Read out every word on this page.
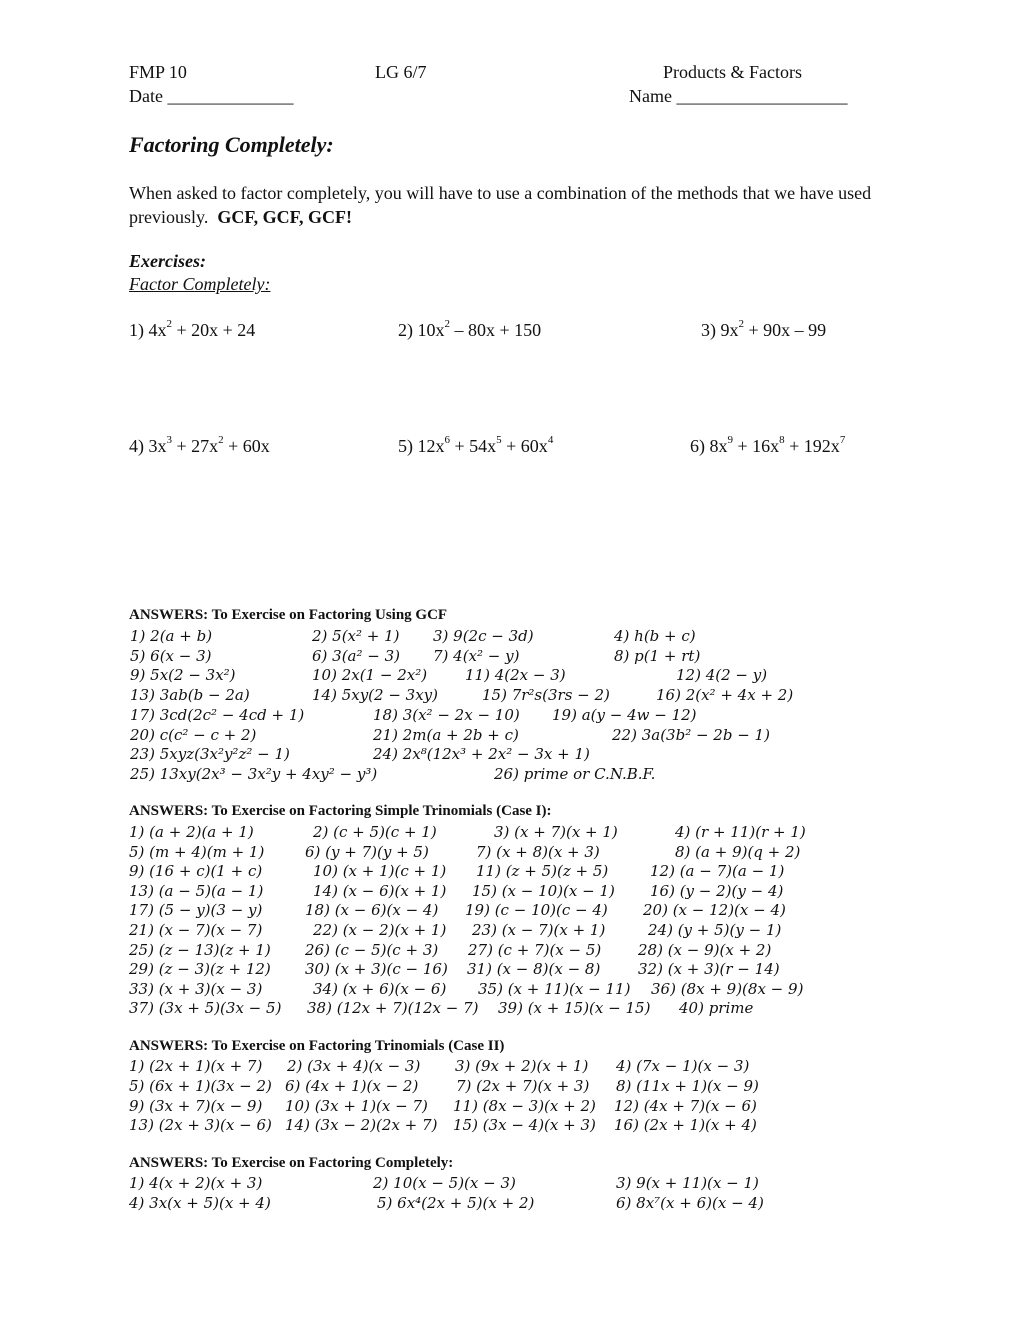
FMP 10	LG 6/7	Products & Factors
Date ______________	Name ___________________
Factoring Completely:
When asked to factor completely, you will have to use a combination of the methods that we have used previously. GCF, GCF, GCF!
Exercises:
Factor Completely:
1) $4x^2 + 20x + 24$	2) $10x^2 - 80x + 150$	3) $9x^2 + 90x - 99$
4) $3x^3 + 27x^2 + 60x$	5) $12x^6 + 54x^5 + 60x^4$	6) $8x^9 + 16x^8 + 192x^7$
ANSWERS: To Exercise on Factoring Using GCF
1) 2(a + b)	2) 5(x² + 1) 3) 9(2c − 3d)	4) h(b + c)
5) 6(x − 3)	6) 3(a² − 3) 7) 4(x² − y)	8) p(1 + rt)
9) 5x(2 − 3x²)	10) 2x(1 − 2x²)	11) 4(2x − 3)	12) 4(2 − y)
13) 3ab(b − 2a)	14) 5xy(2 − 3xy)	15) 7r²s(3rs − 2)	16) 2(x² + 4x + 2)
17) 3cd(2c² − 4cd + 1)	18) 3(x² − 2x − 10) 19) a(y − 4w − 12)
20) c(c² − c + 2)	21) 2m(a + 2b + c)	22) 3a(3b² − 2b − 1)
23) 5xyz(3x²y²z² − 1)	24) 2x⁸(12x³ + 2x² − 3x + 1)
25) 13xy(2x³ − 3x²y + 4xy² − y³)	26) prime or C.N.B.F.
ANSWERS: To Exercise on Factoring Simple Trinomials (Case I):
1) (a + 2)(a + 1)	2) (c + 5)(c + 1)	3) (x + 7)(x + 1)	4) (r + 11)(r + 1)
5) (m + 4)(m + 1)	6) (y + 7)(y + 5)	7) (x + 8)(x + 3)	8) (a + 9)(q + 2)
9) (16 + c)(1 + c)	10) (x + 1)(c + 1) 11) (z + 5)(z + 5)	12) (a − 7)(a − 1)
13) (a − 5)(a − 1)	14) (x − 6)(x + 1) 15) (x − 10)(x − 1) 16) (y − 2)(y − 4)
17) (5 − y)(3 − y)	18) (x − 6)(x − 4) 19) (c − 10)(c − 4) 20) (x − 12)(x − 4)
21) (x − 7)(x − 7)	22) (x − 2)(x + 1) 23) (x − 7)(x + 1)	24) (y + 5)(y − 1)
25) (z − 13)(z + 1) 26) (c − 5)(c + 3) 27) (c + 7)(x − 5) 28) (x − 9)(x + 2)
29) (z − 3)(z + 12) 30) (x + 3)(c − 16) 31) (x − 8)(x − 8)	32) (x + 3)(r − 14)
33) (x + 3)(x − 3)	34) (x + 6)(x − 6) 35) (x + 11)(x − 11) 36) (8x + 9)(8x − 9)
37) (3x + 5)(3x − 5) 38) (12x + 7)(12x − 7) 39) (x + 15)(x − 15) 40) prime
ANSWERS: To Exercise on Factoring Trinomials (Case II)
1) (2x + 1)(x + 7) 2) (3x + 4)(x − 3) 3) (9x + 2)(x + 1) 4) (7x − 1)(x − 3)
5) (6x + 1)(3x − 2) 6) (4x + 1)(x − 2)	7) (2x + 7)(x + 3) 8) (11x + 1)(x − 9)
9) (3x + 7)(x − 9) 10) (3x + 1)(x − 7) 11) (8x − 3)(x + 2) 12) (4x + 7)(x − 6)
13) (2x + 3)(x − 6) 14) (3x − 2)(2x + 7) 15) (3x − 4)(x + 3) 16) (2x + 1)(x + 4)
ANSWERS: To Exercise on Factoring Completely:
1) 4(x + 2)(x + 3)	2) 10(x − 5)(x − 3)	3) 9(x + 11)(x − 1)
4) 3x(x + 5)(x + 4)	5) 6x⁴(2x + 5)(x + 2)	6) 8x⁷(x + 6)(x − 4)
